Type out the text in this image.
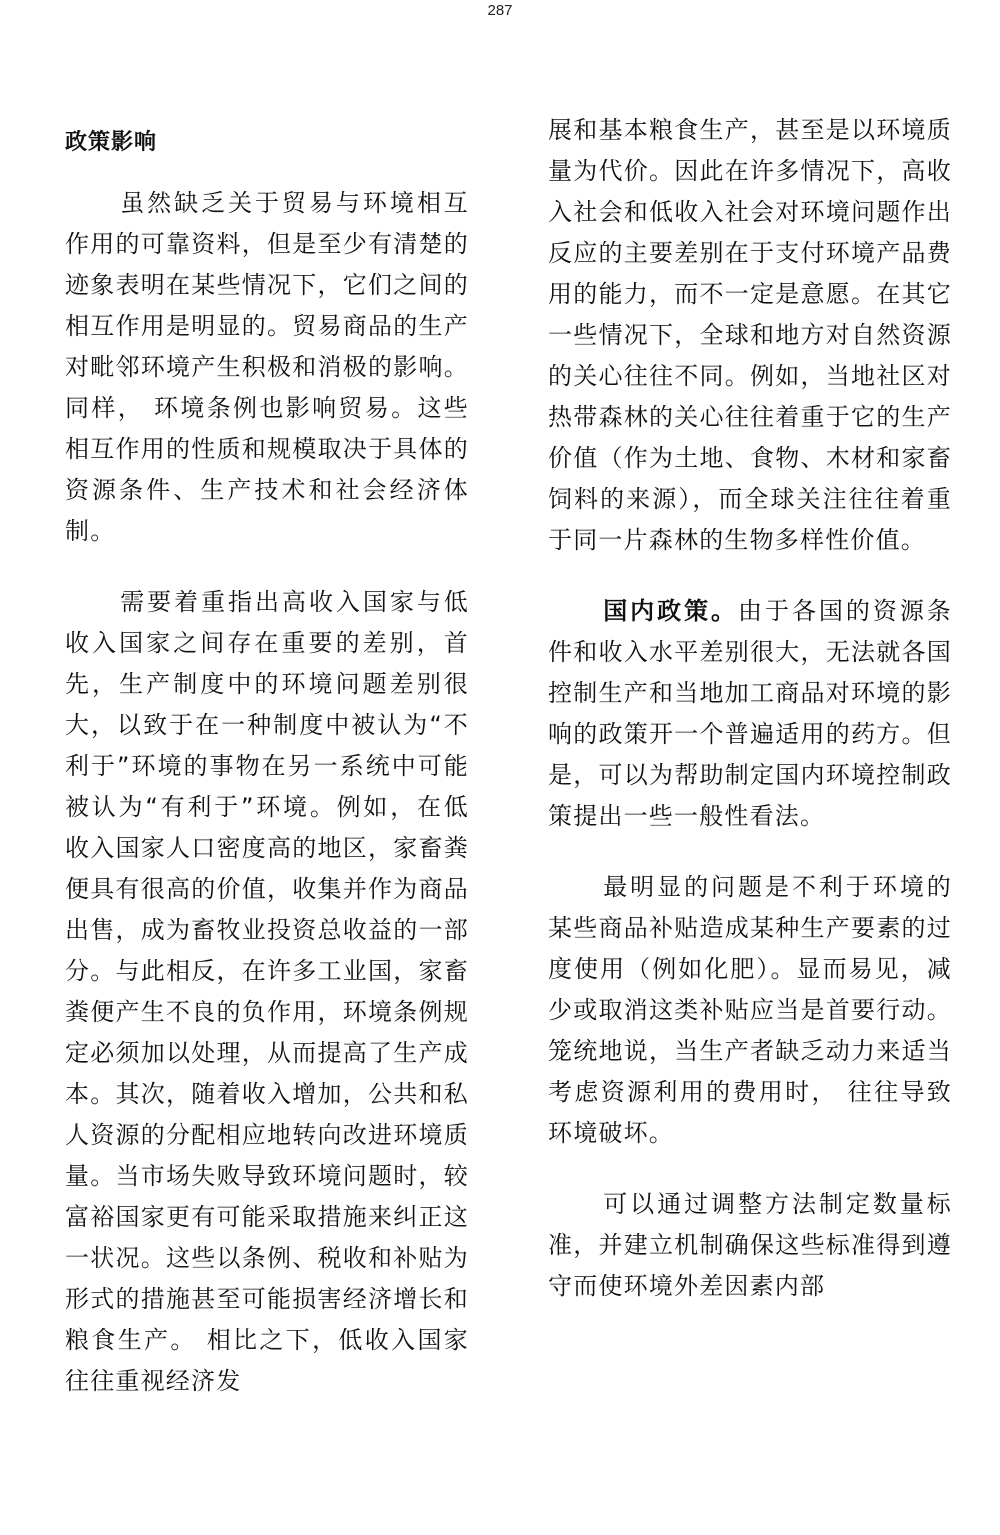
287
政策影响

虽然缺乏关于贸易与环境相互作用的可靠资料，但是至少有清楚的迹象表明在某些情况下，它们之间的相互作用是明显的。贸易商品的生产对毗邻环境产生积极和消极的影响。 同样， 环境条例也影响贸易。这些相互作用的性质和规模取决于具体的资源条件、生产技术和社会经济体制。

需要着重指出高收入国家与低收入国家之间存在重要的差别，首先，生产制度中的环境问题差别很大，以致于在一种制度中被认为“不利于”环境的事物在另一系统中可能被认为“有利于”环境。例如，在低收入国家人口密度高的地区，家畜粪便具有很高的价值，收集并作为商品出售，成为畜牧业投资总收益的一部分。与此相反，在许多工业国，家畜粪便产生不良的负作用，环境条例规定必须加以处理，从而提高了生产成本。其次，随着收入增加，公共和私人资源的分配相应地转向改进环境质量。当市场失败导致环境问题时，较富裕国家更有可能采取措施来纠正这一状况。这些以条例、税收和补贴为形式的措施甚至可能损害经济增长和粮食生产。 相比之下，低收入国家往往重视经济发

展和基本粮食生产，甚至是以环境质量为代价。因此在许多情况下，高收入社会和低收入社会对环境问题作出反应的主要差别在于支付环境产品费用的能力，而不一定是意愿。在其它一些情况下，全球和地方对自然资源的关心往往不同。例如，当地社区对热带森林的关心往往着重于它的生产价值（作为土地、食物、木材和家畜饲料的来源），而全球关注往往着重于同一片森林的生物多样性价值。

国内政策。由于各国的资源条件和收入水平差别很大，无法就各国控制生产和当地加工商品对环境的影响的政策开一个普遍适用的药方。但是，可以为帮助制定国内环境控制政策提出一些一般性看法。

最明显的问题是不利于环境的某些商品补贴造成某种生产要素的过度使用（例如化肥）。显而易见，减少或取消这类补贴应当是首要行动。笼统地说，当生产者缺乏动力来适当考虑资源利用的费用时， 往往导致环境破坏。

可以通过调整方法制定数量标准，并建立机制确保这些标准得到遵守而使环境外差因素内部
